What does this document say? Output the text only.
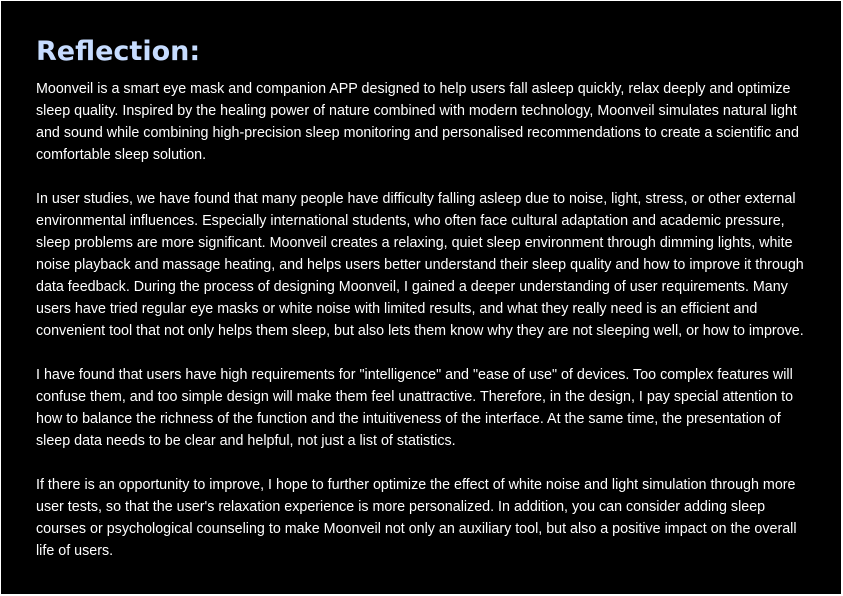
Reflection:

Moonveil is a smart eye mask and companion APP designed to help users fall asleep quickly, relax deeply and optimize sleep quality. Inspired by the healing power of nature combined with modern technology, Moonveil simulates natural light and sound while combining high-precision sleep monitoring and personalised recommendations to create a scientific and comfortable sleep solution.

In user studies, we have found that many people have difficulty falling asleep due to noise, light, stress, or other external environmental influences. Especially international students, who often face cultural adaptation and academic pressure, sleep problems are more significant. Moonveil creates a relaxing, quiet sleep environment through dimming lights, white noise playback and massage heating, and helps users better understand their sleep quality and how to improve it through data feedback. During the process of designing Moonveil, I gained a deeper understanding of user requirements. Many users have tried regular eye masks or white noise with limited results, and what they really need is an efficient and convenient tool that not only helps them sleep, but also lets them know why they are not sleeping well, or how to improve.

I have found that users have high requirements for "intelligence" and "ease of use" of devices. Too complex features will confuse them, and too simple design will make them feel unattractive. Therefore, in the design, I pay special attention to how to balance the richness of the function and the intuitiveness of the interface. At the same time, the presentation of sleep data needs to be clear and helpful, not just a list of statistics.

If there is an opportunity to improve, I hope to further optimize the effect of white noise and light simulation through more user tests, so that the user's relaxation experience is more personalized. In addition, you can consider adding sleep courses or psychological counseling to make Moonveil not only an auxiliary tool, but also a positive impact on the overall life of users.
